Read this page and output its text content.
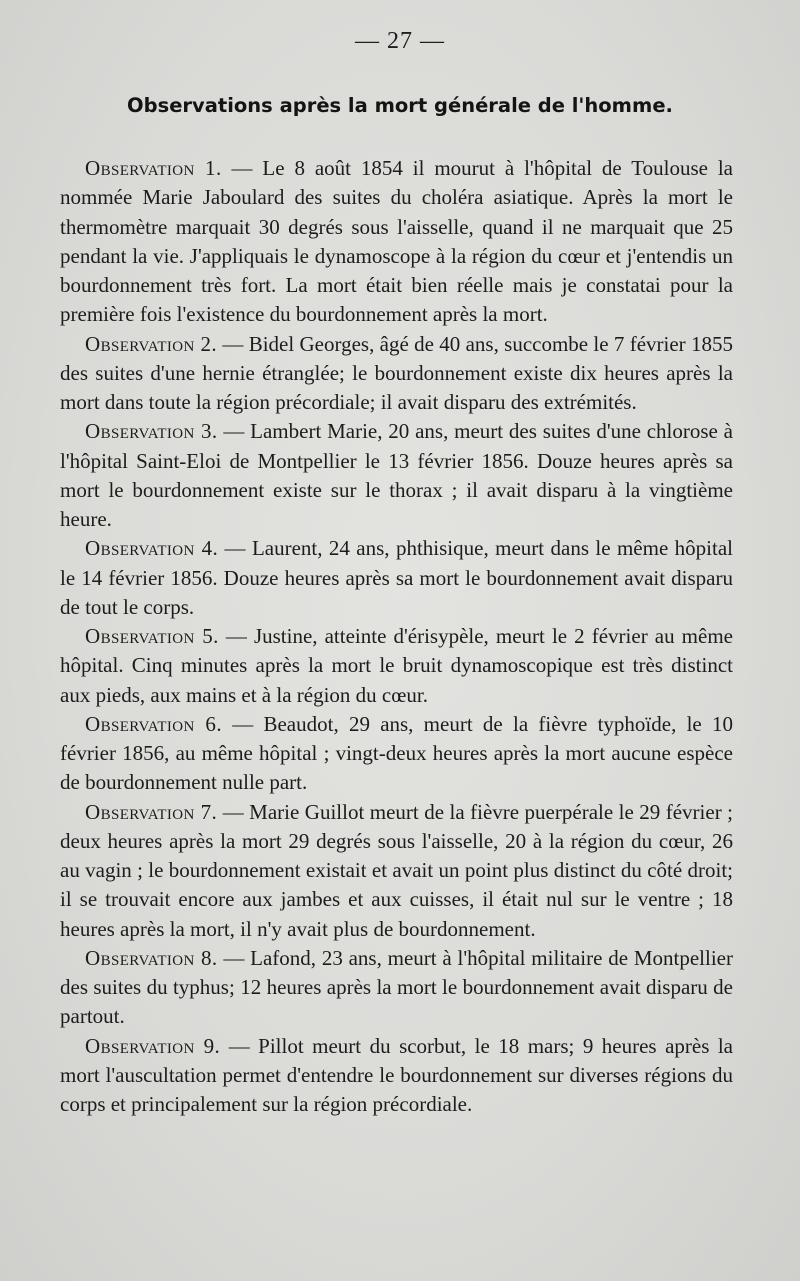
— 27 —
Observations après la mort générale de l'homme.

Observation 1. — Le 8 août 1854 il mourut à l'hôpital de Toulouse la nommée Marie Jaboulard des suites du choléra asiatique. Après la mort le thermomètre marquait 30 degrés sous l'aisselle, quand il ne marquait que 25 pendant la vie. J'appliquais le dynamoscope à la région du cœur et j'entendis un bourdonnement très fort. La mort était bien réelle mais je constatai pour la première fois l'existence du bourdonnement après la mort.

Observation 2. — Bidel Georges, âgé de 40 ans, succombe le 7 février 1855 des suites d'une hernie étranglée; le bourdonnement existe dix heures après la mort dans toute la région précordiale; il avait disparu des extrémités.

Observation 3. — Lambert Marie, 20 ans, meurt des suites d'une chlorose à l'hôpital Saint-Eloi de Montpellier le 13 février 1856. Douze heures après sa mort le bourdonnement existe sur le thorax ; il avait disparu à la vingtième heure.

Observation 4. — Laurent, 24 ans, phthisique, meurt dans le même hôpital le 14 février 1856. Douze heures après sa mort le bourdonnement avait disparu de tout le corps.

Observation 5. — Justine, atteinte d'érisypèle, meurt le 2 février au même hôpital. Cinq minutes après la mort le bruit dynamoscopique est très distinct aux pieds, aux mains et à la région du cœur.

Observation 6. — Beaudot, 29 ans, meurt de la fièvre typhoïde, le 10 février 1856, au même hôpital ; vingt-deux heures après la mort aucune espèce de bourdonnement nulle part.

Observation 7. — Marie Guillot meurt de la fièvre puerpérale le 29 février ; deux heures après la mort 29 degrés sous l'aisselle, 20 à la région du cœur, 26 au vagin ; le bourdonnement existait et avait un point plus distinct du côté droit; il se trouvait encore aux jambes et aux cuisses, il était nul sur le ventre ; 18 heures après la mort, il n'y avait plus de bourdonnement.

Observation 8. — Lafond, 23 ans, meurt à l'hôpital militaire de Montpellier des suites du typhus; 12 heures après la mort le bourdonnement avait disparu de partout.

Observation 9. — Pillot meurt du scorbut, le 18 mars; 9 heures après la mort l'auscultation permet d'entendre le bourdonnement sur diverses régions du corps et principalement sur la région précordiale.
